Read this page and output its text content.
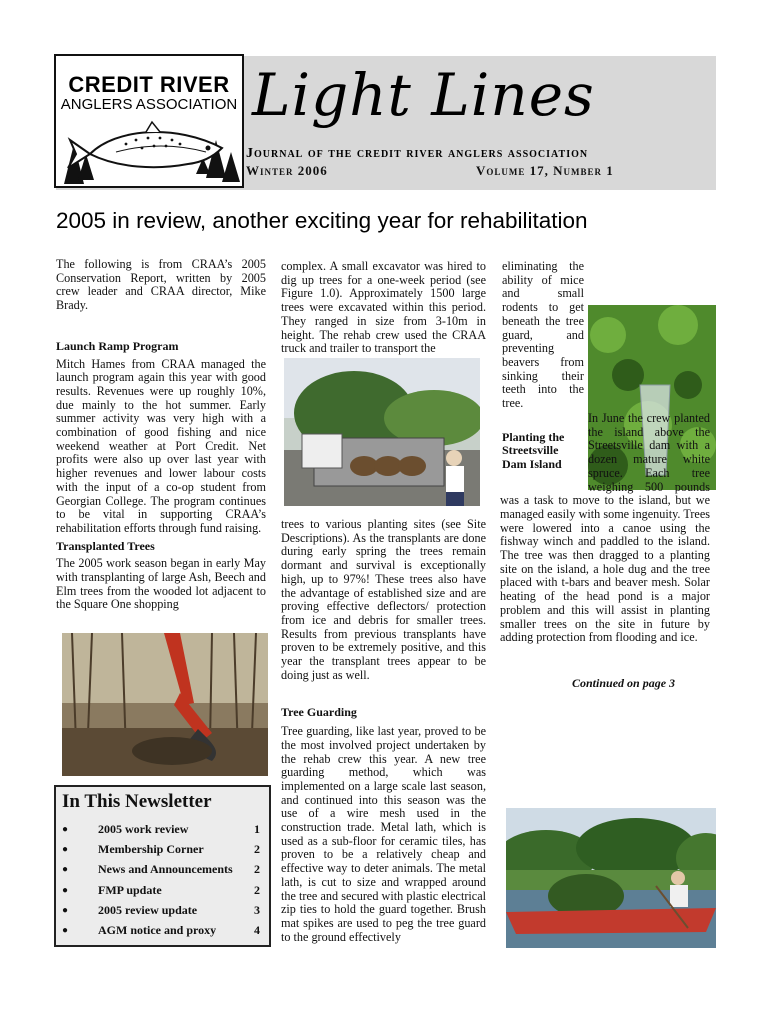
CREDIT RIVER
ANGLERS ASSOCIATION Light Lines
Journal of the credit river anglers association
Winter 2006	Volume 17, Number 1
2005 in review, another exciting year for rehabilitation

The following is from CRAA’s 2005 Conservation Report, written by 2005 crew leader and CRAA director, Mike Brady.

Launch Ramp Program

Mitch Hames from CRAA managed the launch program again this year with good results. Revenues were up roughly 10%, due mainly to the hot summer. Early summer activity was very high with a combination of good fishing and nice weekend weather at Port Credit. Net profits were also up over last year with higher revenues and lower labour costs with the input of a co-op student from Georgian College. The program continues to be vital in supporting CRAA’s rehabilitation efforts through fund raising.

Transplanted Trees

The 2005 work season began in early May with transplanting of large Ash, Beech and Elm trees from the wooded lot adjacent to the Square One shopping

In This Newsletter
●	2005 work review	1
●	Membership Corner	2
●	News and Announcements	2
●	FMP update	2
●	2005 review update	3
●	AGM notice and proxy	4

complex. A small excavator was hired to dig up trees for a one-week period (see Figure 1.0). Approximately 1500 large trees were excavated within this period. They ranged in size from 3-10m in height. The rehab crew used the CRAA truck and trailer to transport the

trees to various planting sites (see Site Descriptions). As the transplants are done during early spring the trees remain dormant and survival is exceptionally high, up to 97%! These trees also have the advantage of established size and are proving effective deflectors/ protection from ice and debris for smaller trees. Results from previous transplants have proven to be extremely positive, and this year the transplant trees appear to be doing just as well.

Tree Guarding

Tree guarding, like last year, proved to be the most involved project undertaken by the rehab crew this year. A new tree guarding method, which was implemented on a large scale last season, and continued into this season was the use of a wire mesh used in the construction trade. Metal lath, which is used as a sub-floor for ceramic tiles, has proven to be a relatively cheap and effective way to deter animals. The metal lath, is cut to size and wrapped around the tree and secured with plastic electrical zip ties to hold the guard together. Brush mat spikes are used to peg the tree guard to the ground effectively

eliminating the ability of mice and small rodents to get beneath the tree guard, and preventing beavers from sinking their teeth into the tree.

Planting the Streetsville Dam Island

In June the crew planted the island above the Streetsville dam with a dozen mature white spruce. Each tree weighing 500 pounds was a task to move to the island, but we managed easily with some ingenuity. Trees were lowered into a canoe using the fishway winch and paddled to the island. The tree was then dragged to a planting site on the island, a hole dug and the tree placed with t-bars and beaver mesh. Solar heating of the head pond is a major problem and this will assist in planting smaller trees on the site in future by adding protection from flooding and ice.

Continued on page 3
